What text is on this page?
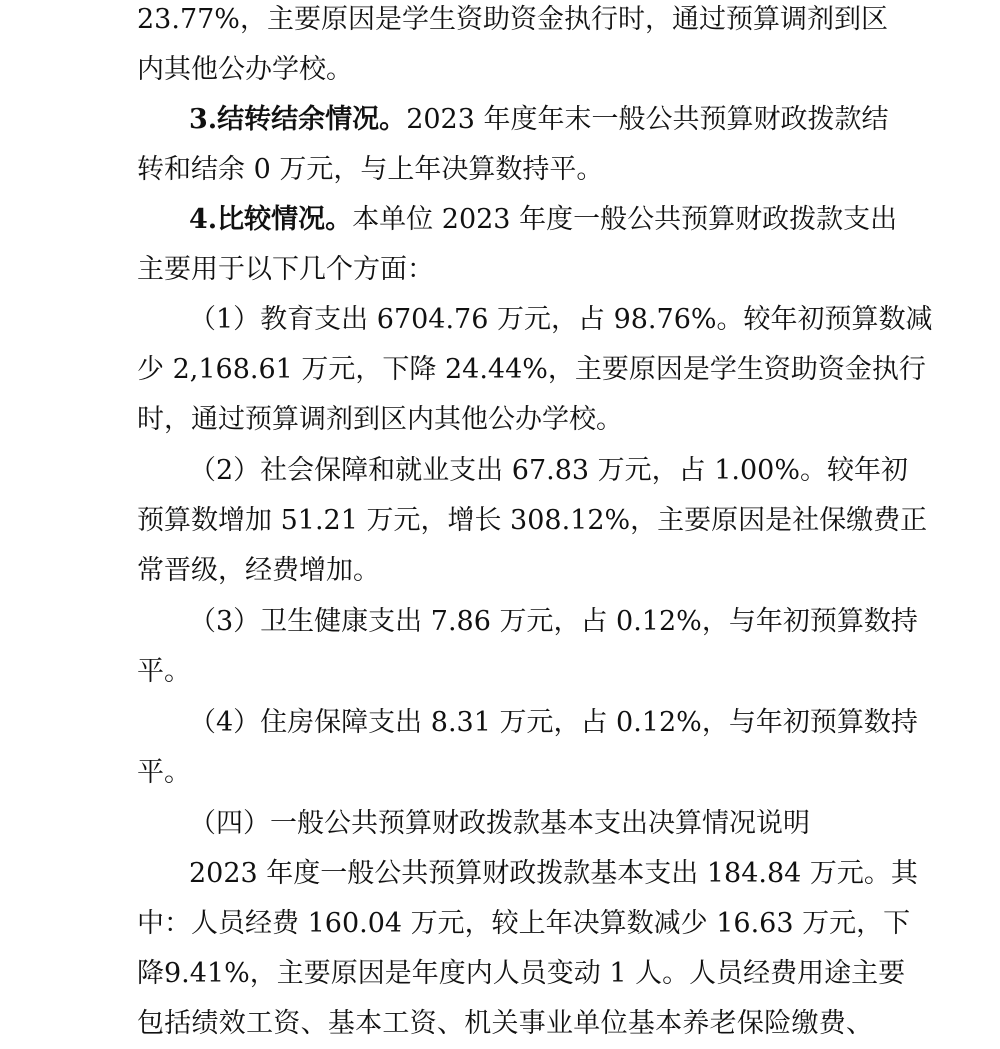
23.77%，主要原因是学生资助资金执行时，通过预算调剂到区
内其他公办学校。
3.结转结余情况。2023 年度年末一般公共预算财政拨款结
转和结余 0 万元，与上年决算数持平。
4.比较情况。本单位 2023 年度一般公共预算财政拨款支出
主要用于以下几个方面：
（1）教育支出 6704.76 万元，占 98.76%。较年初预算数减
少 2,168.61 万元，下降 24.44%，主要原因是学生资助资金执行
时，通过预算调剂到区内其他公办学校。
（2）社会保障和就业支出 67.83 万元，占 1.00%。较年初
预算数增加 51.21 万元，增长 308.12%，主要原因是社保缴费正
常晋级，经费增加。
（3）卫生健康支出 7.86 万元，占 0.12%，与年初预算数持
平。
（4）住房保障支出 8.31 万元，占 0.12%，与年初预算数持
平。
（四）一般公共预算财政拨款基本支出决算情况说明
2023 年度一般公共预算财政拨款基本支出 184.84 万元。其
中：人员经费 160.04 万元，较上年决算数减少 16.63 万元，下
降9.41%，主要原因是年度内人员变动 1 人。人员经费用途主要
包括绩效工资、基本工资、机关事业单位基本养老保险缴费、
